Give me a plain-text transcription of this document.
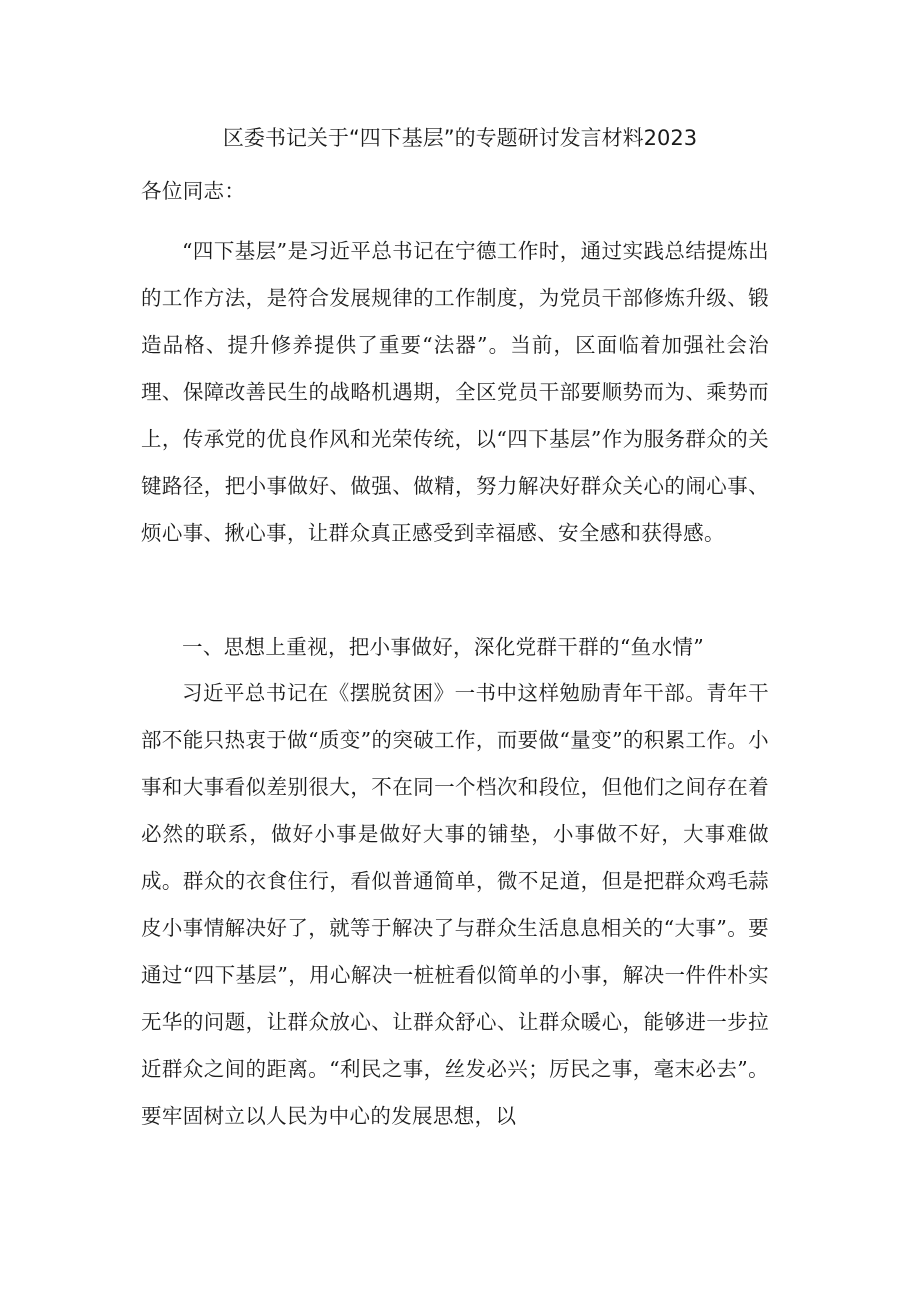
区委书记关于“四下基层”的专题研讨发言材料2023

各位同志：

“四下基层”是习近平总书记在宁德工作时，通过实践总结提炼出的工作方法，是符合发展规律的工作制度，为党员干部修炼升级、锻造品格、提升修养提供了重要“法器”。当前，区面临着加强社会治理、保障改善民生的战略机遇期，全区党员干部要顺势而为、乘势而上，传承党的优良作风和光荣传统，以“四下基层”作为服务群众的关键路径，把小事做好、做强、做精，努力解决好群众关心的闹心事、烦心事、揪心事，让群众真正感受到幸福感、安全感和获得感。

一、思想上重视，把小事做好，深化党群干群的“鱼水情”

习近平总书记在《摆脱贫困》一书中这样勉励青年干部。青年干部不能只热衷于做“质变”的突破工作，而要做“量变”的积累工作。小事和大事看似差别很大，不在同一个档次和段位，但他们之间存在着必然的联系，做好小事是做好大事的铺垫，小事做不好，大事难做成。群众的衣食住行，看似普通简单，微不足道，但是把群众鸡毛蒜皮小事情解决好了，就等于解决了与群众生活息息相关的“大事”。要通过“四下基层”，用心解决一桩桩看似简单的小事，解决一件件朴实无华的问题，让群众放心、让群众舒心、让群众暖心，能够进一步拉近群众之间的距离。“利民之事，丝发必兴；厉民之事，毫末必去”。要牢固树立以人民为中心的发展思想，以
